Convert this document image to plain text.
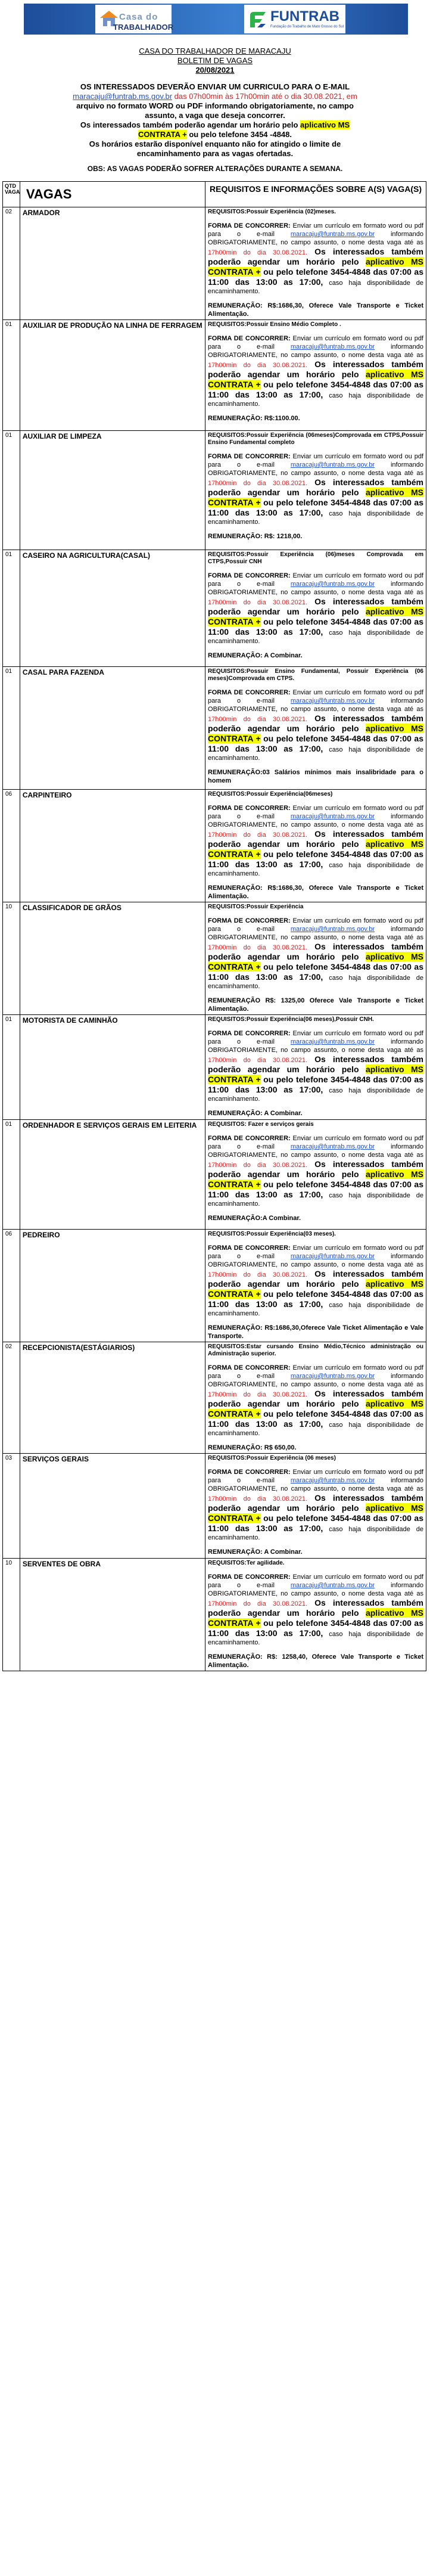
Casa do
TRABALHADOR
FUNTRAB
Fundação do Trabalho de Mato Grosso do Sul
CASA DO TRABALHADOR DE MARACAJU
BOLETIM DE VAGAS
20/08/2021
OS INTERESSADOS DEVERÃO ENVIAR UM CURRICULO PARA O E-MAIL
maracaju@funtrab.ms.gov.br das 07h00min às 17h00min até o dia 30.08.2021, em
arquivo no formato WORD ou PDF informando obrigatoriamente, no campo
assunto, a vaga que deseja concorrer.
Os interessados também poderão agendar um horário pelo aplicativo MS
CONTRATA + ou pelo telefone 3454 -4848.
Os horários estarão disponível enquanto não for atingido o limite de
encaminhamento para as vagas ofertadas.
OBS: AS VAGAS PODERÃO SOFRER ALTERAÇÕES DURANTE A SEMANA.
QTD VAGA	VAGAS	REQUISITOS E INFORMAÇÕES SOBRE A(S) VAGA(S)
02	ARMADOR	REQUISITOS:Possuir Experiência (02)meses.

FORMA DE CONCORRER: Enviar um currículo em formato word ou pdf para o e-mail maracaju@funtrab.ms.gov.br informando OBRIGATORIAMENTE, no campo assunto, o nome desta vaga até as 17h00min do dia 30.08.2021. Os interessados também poderão agendar um horário pelo aplicativo MS CONTRATA + ou pelo telefone 3454-4848 das 07:00 as 11:00 das 13:00 as 17:00, caso haja disponibilidade de encaminhamento.

REMUNERAÇÃO: R$:1686,30, Oferece Vale Transporte e Ticket Alimentação.

01	AUXILIAR DE PRODUÇÃO NA LINHA DE FERRAGEM	REQUISITOS:Possuir Ensino Médio Completo .

FORMA DE CONCORRER: Enviar um currículo em formato word ou pdf para o e-mail maracaju@funtrab.ms.gov.br informando OBRIGATORIAMENTE, no campo assunto, o nome desta vaga até as 17h00min do dia 30.08.2021. Os interessados também poderão agendar um horário pelo aplicativo MS CONTRATA + ou pelo telefone 3454-4848 das 07:00 as 11:00 das 13:00 as 17:00, caso haja disponibilidade de encaminhamento.

REMUNERAÇÃO: R$:1100.00.

01	AUXILIAR DE LIMPEZA	REQUISITOS:Possuir Experiência (06meses)Comprovada em CTPS,Possuir Ensino Fundamental completo

FORMA DE CONCORRER: Enviar um currículo em formato word ou pdf para o e-mail maracaju@funtrab.ms.gov.br informando OBRIGATORIAMENTE, no campo assunto, o nome desta vaga até as 17h00min do dia 30.08.2021. Os interessados também poderão agendar um horário pelo aplicativo MS CONTRATA + ou pelo telefone 3454-4848 das 07:00 as 11:00 das 13:00 as 17:00, caso haja disponibilidade de encaminhamento.

REMUNERAÇÃO: R$: 1218,00.

01	CASEIRO NA AGRICULTURA(CASAL)	REQUISITOS:Possuir Experiência (06)meses Comprovada em CTPS,Possuir CNH

FORMA DE CONCORRER: Enviar um currículo em formato word ou pdf para o e-mail maracaju@funtrab.ms.gov.br informando OBRIGATORIAMENTE, no campo assunto, o nome desta vaga até as 17h00min do dia 30.08.2021. Os interessados também poderão agendar um horário pelo aplicativo MS CONTRATA + ou pelo telefone 3454-4848 das 07:00 as 11:00 das 13:00 as 17:00, caso haja disponibilidade de encaminhamento.

REMUNERAÇÃO: A Combinar.

01	CASAL PARA FAZENDA	REQUISITOS:Possuir Ensino Fundamental, Possuir Experiência (06 meses)Comprovada em CTPS.

FORMA DE CONCORRER: Enviar um currículo em formato word ou pdf para o e-mail maracaju@funtrab.ms.gov.br informando OBRIGATORIAMENTE, no campo assunto, o nome desta vaga até as 17h00min do dia 30.08.2021. Os interessados também poderão agendar um horário pelo aplicativo MS CONTRATA + ou pelo telefone 3454-4848 das 07:00 as 11:00 das 13:00 as 17:00, caso haja disponibilidade de encaminhamento.

REMUNERAÇÃO:03 Salários mínimos mais insalibridade para o homem

06	CARPINTEIRO	REQUISITOS:Possuir Experiência(06meses)

FORMA DE CONCORRER: Enviar um currículo em formato word ou pdf para o e-mail maracaju@funtrab.ms.gov.br informando OBRIGATORIAMENTE, no campo assunto, o nome desta vaga até as 17h00min do dia 30.08.2021. Os interessados também poderão agendar um horário pelo aplicativo MS CONTRATA + ou pelo telefone 3454-4848 das 07:00 as 11:00 das 13:00 as 17:00, caso haja disponibilidade de encaminhamento.

REMUNERAÇÃO: R$:1686,30, Oferece Vale Transporte e Ticket Alimentação.

10	CLASSIFICADOR DE GRÃOS	REQUISITOS:Possuir Experiência

FORMA DE CONCORRER: Enviar um currículo em formato word ou pdf para o e-mail maracaju@funtrab.ms.gov.br informando OBRIGATORIAMENTE, no campo assunto, o nome desta vaga até as 17h00min do dia 30.08.2021. Os interessados também poderão agendar um horário pelo aplicativo MS CONTRATA + ou pelo telefone 3454-4848 das 07:00 as 11:00 das 13:00 as 17:00, caso haja disponibilidade de encaminhamento.

REMUNERAÇÃO R$: 1325,00 Oferece Vale Transporte e Ticket Alimentação.

01	MOTORISTA DE CAMINHÃO	REQUISITOS:Possuir Experiência(06 meses),Possuir CNH.

FORMA DE CONCORRER: Enviar um currículo em formato word ou pdf para o e-mail maracaju@funtrab.ms.gov.br informando OBRIGATORIAMENTE, no campo assunto, o nome desta vaga até as 17h00min do dia 30.08.2021. Os interessados também poderão agendar um horário pelo aplicativo MS CONTRATA + ou pelo telefone 3454-4848 das 07:00 as 11:00 das 13:00 as 17:00, caso haja disponibilidade de encaminhamento.

REMUNERAÇÃO: A Combinar.

01	ORDENHADOR E SERVIÇOS GERAIS EM LEITERIA	REQUISITOS: Fazer e serviços gerais

FORMA DE CONCORRER: Enviar um currículo em formato word ou pdf para o e-mail maracaju@funtrab.ms.gov.br informando OBRIGATORIAMENTE, no campo assunto, o nome desta vaga até as 17h00min do dia 30.08.2021. Os interessados também poderão agendar um horário pelo aplicativo MS CONTRATA + ou pelo telefone 3454-4848 das 07:00 as 11:00 das 13:00 as 17:00, caso haja disponibilidade de encaminhamento.

REMUNERAÇÃO:A Combinar.

06	PEDREIRO	REQUISITOS:Possuir Experiência(03 meses).

FORMA DE CONCORRER: Enviar um currículo em formato word ou pdf para o e-mail maracaju@funtrab.ms.gov.br informando OBRIGATORIAMENTE, no campo assunto, o nome desta vaga até as 17h00min do dia 30.08.2021. Os interessados também poderão agendar um horário pelo aplicativo MS CONTRATA + ou pelo telefone 3454-4848 das 07:00 as 11:00 das 13:00 as 17:00, caso haja disponibilidade de encaminhamento.

REMUNERAÇÃO: R$:1686,30,Oferece Vale Ticket Alimentação e Vale Transporte.

02	RECEPCIONISTA(ESTÁGIARIOS)	REQUISITOS:Estar cursando Ensino Médio,Técnico administração ou Administração superior.

FORMA DE CONCORRER: Enviar um currículo em formato word ou pdf para o e-mail maracaju@funtrab.ms.gov.br informando OBRIGATORIAMENTE, no campo assunto, o nome desta vaga até as 17h00min do dia 30.08.2021. Os interessados também poderão agendar um horário pelo aplicativo MS CONTRATA + ou pelo telefone 3454-4848 das 07:00 as 11:00 das 13:00 as 17:00, caso haja disponibilidade de encaminhamento.

REMUNERAÇÃO: R$ 650,00.

03	SERVIÇOS GERAIS	REQUISITOS:Possuir Experiência (06 meses)

FORMA DE CONCORRER: Enviar um currículo em formato word ou pdf para o e-mail maracaju@funtrab.ms.gov.br informando OBRIGATORIAMENTE, no campo assunto, o nome desta vaga até as 17h00min do dia 30.08.2021. Os interessados também poderão agendar um horário pelo aplicativo MS CONTRATA + ou pelo telefone 3454-4848 das 07:00 as 11:00 das 13:00 as 17:00, caso haja disponibilidade de encaminhamento.

REMUNERAÇÃO: A Combinar.

10	SERVENTES DE OBRA	REQUISITOS:Ter agilidade.

FORMA DE CONCORRER: Enviar um currículo em formato word ou pdf para o e-mail maracaju@funtrab.ms.gov.br informando OBRIGATORIAMENTE, no campo assunto, o nome desta vaga até as 17h00min do dia 30.08.2021. Os interessados também poderão agendar um horário pelo aplicativo MS CONTRATA + ou pelo telefone 3454-4848 das 07:00 as 11:00 das 13:00 as 17:00, caso haja disponibilidade de encaminhamento.

REMUNERAÇÃO: R$: 1258,40, Oferece Vale Transporte e Ticket Alimentação.
